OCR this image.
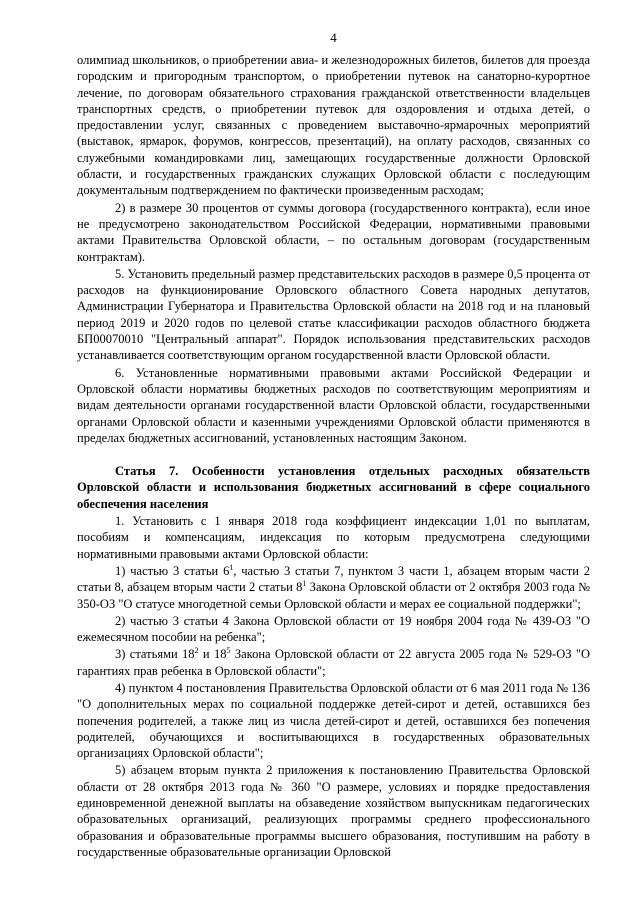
4

олимпиад школьников, о приобретении авиа- и железнодорожных билетов, билетов для проезда городским и пригородным транспортом, о приобретении путевок на санаторно-курортное лечение, по договорам обязательного страхования гражданской ответственности владельцев транспортных средств, о приобретении путевок для оздоровления и отдыха детей, о предоставлении услуг, связанных с проведением выставочно-ярмарочных мероприятий (выставок, ярмарок, форумов, конгрессов, презентаций), на оплату расходов, связанных со служебными командировками лиц, замещающих государственные должности Орловской области, и государственных гражданских служащих Орловской области с последующим документальным подтверждением по фактически произведенным расходам;

2) в размере 30 процентов от суммы договора (государственного контракта), если иное не предусмотрено законодательством Российской Федерации, нормативными правовыми актами Правительства Орловской области, – по остальным договорам (государственным контрактам).

5. Установить предельный размер представительских расходов в размере 0,5 процента от расходов на функционирование Орловского областного Совета народных депутатов, Администрации Губернатора и Правительства Орловской области на 2018 год и на плановый период 2019 и 2020 годов по целевой статье классификации расходов областного бюджета БП00070010 "Центральный аппарат". Порядок использования представительских расходов устанавливается соответствующим органом государственной власти Орловской области.

6. Установленные нормативными правовыми актами Российской Федерации и Орловской области нормативы бюджетных расходов по соответствующим мероприятиям и видам деятельности органами государственной власти Орловской области, государственными органами Орловской области и казенными учреждениями Орловской области применяются в пределах бюджетных ассигнований, установленных настоящим Законом.

Статья 7. Особенности установления отдельных расходных обязательств Орловской области и использования бюджетных ассигнований в сфере социального обеспечения населения

1. Установить с 1 января 2018 года коэффициент индексации 1,01 по выплатам, пособиям и компенсациям, индексация по которым предусмотрена следующими нормативными правовыми актами Орловской области:

1) частью 3 статьи $6^1$, частью 3 статьи 7, пунктом 3 части 1, абзацем вторым части 2 статьи 8, абзацем вторым части 2 статьи $8^1$ Закона Орловской области от 2 октября 2003 года № 350-ОЗ "О статусе многодетной семьи Орловской области и мерах ее социальной поддержки";

2) частью 3 статьи 4 Закона Орловской области от 19 ноября 2004 года № 439-ОЗ "О ежемесячном пособии на ребенка";

3) статьями $18^2$ и $18^5$ Закона Орловской области от 22 августа 2005 года № 529-ОЗ "О гарантиях прав ребенка в Орловской области";

4) пунктом 4 постановления Правительства Орловской области от 6 мая 2011 года № 136 "О дополнительных мерах по социальной поддержке детей-сирот и детей, оставшихся без попечения родителей, а также лиц из числа детей-сирот и детей, оставшихся без попечения родителей, обучающихся и воспитывающихся в государственных образовательных организациях Орловской области";

5) абзацем вторым пункта 2 приложения к постановлению Правительства Орловской области от 28 октября 2013 года № 360 "О размере, условиях и порядке предоставления единовременной денежной выплаты на обзаведение хозяйством выпускникам педагогических образовательных организаций, реализующих программы среднего профессионального образования и образовательные программы высшего образования, поступившим на работу в государственные образовательные организации Орловской
